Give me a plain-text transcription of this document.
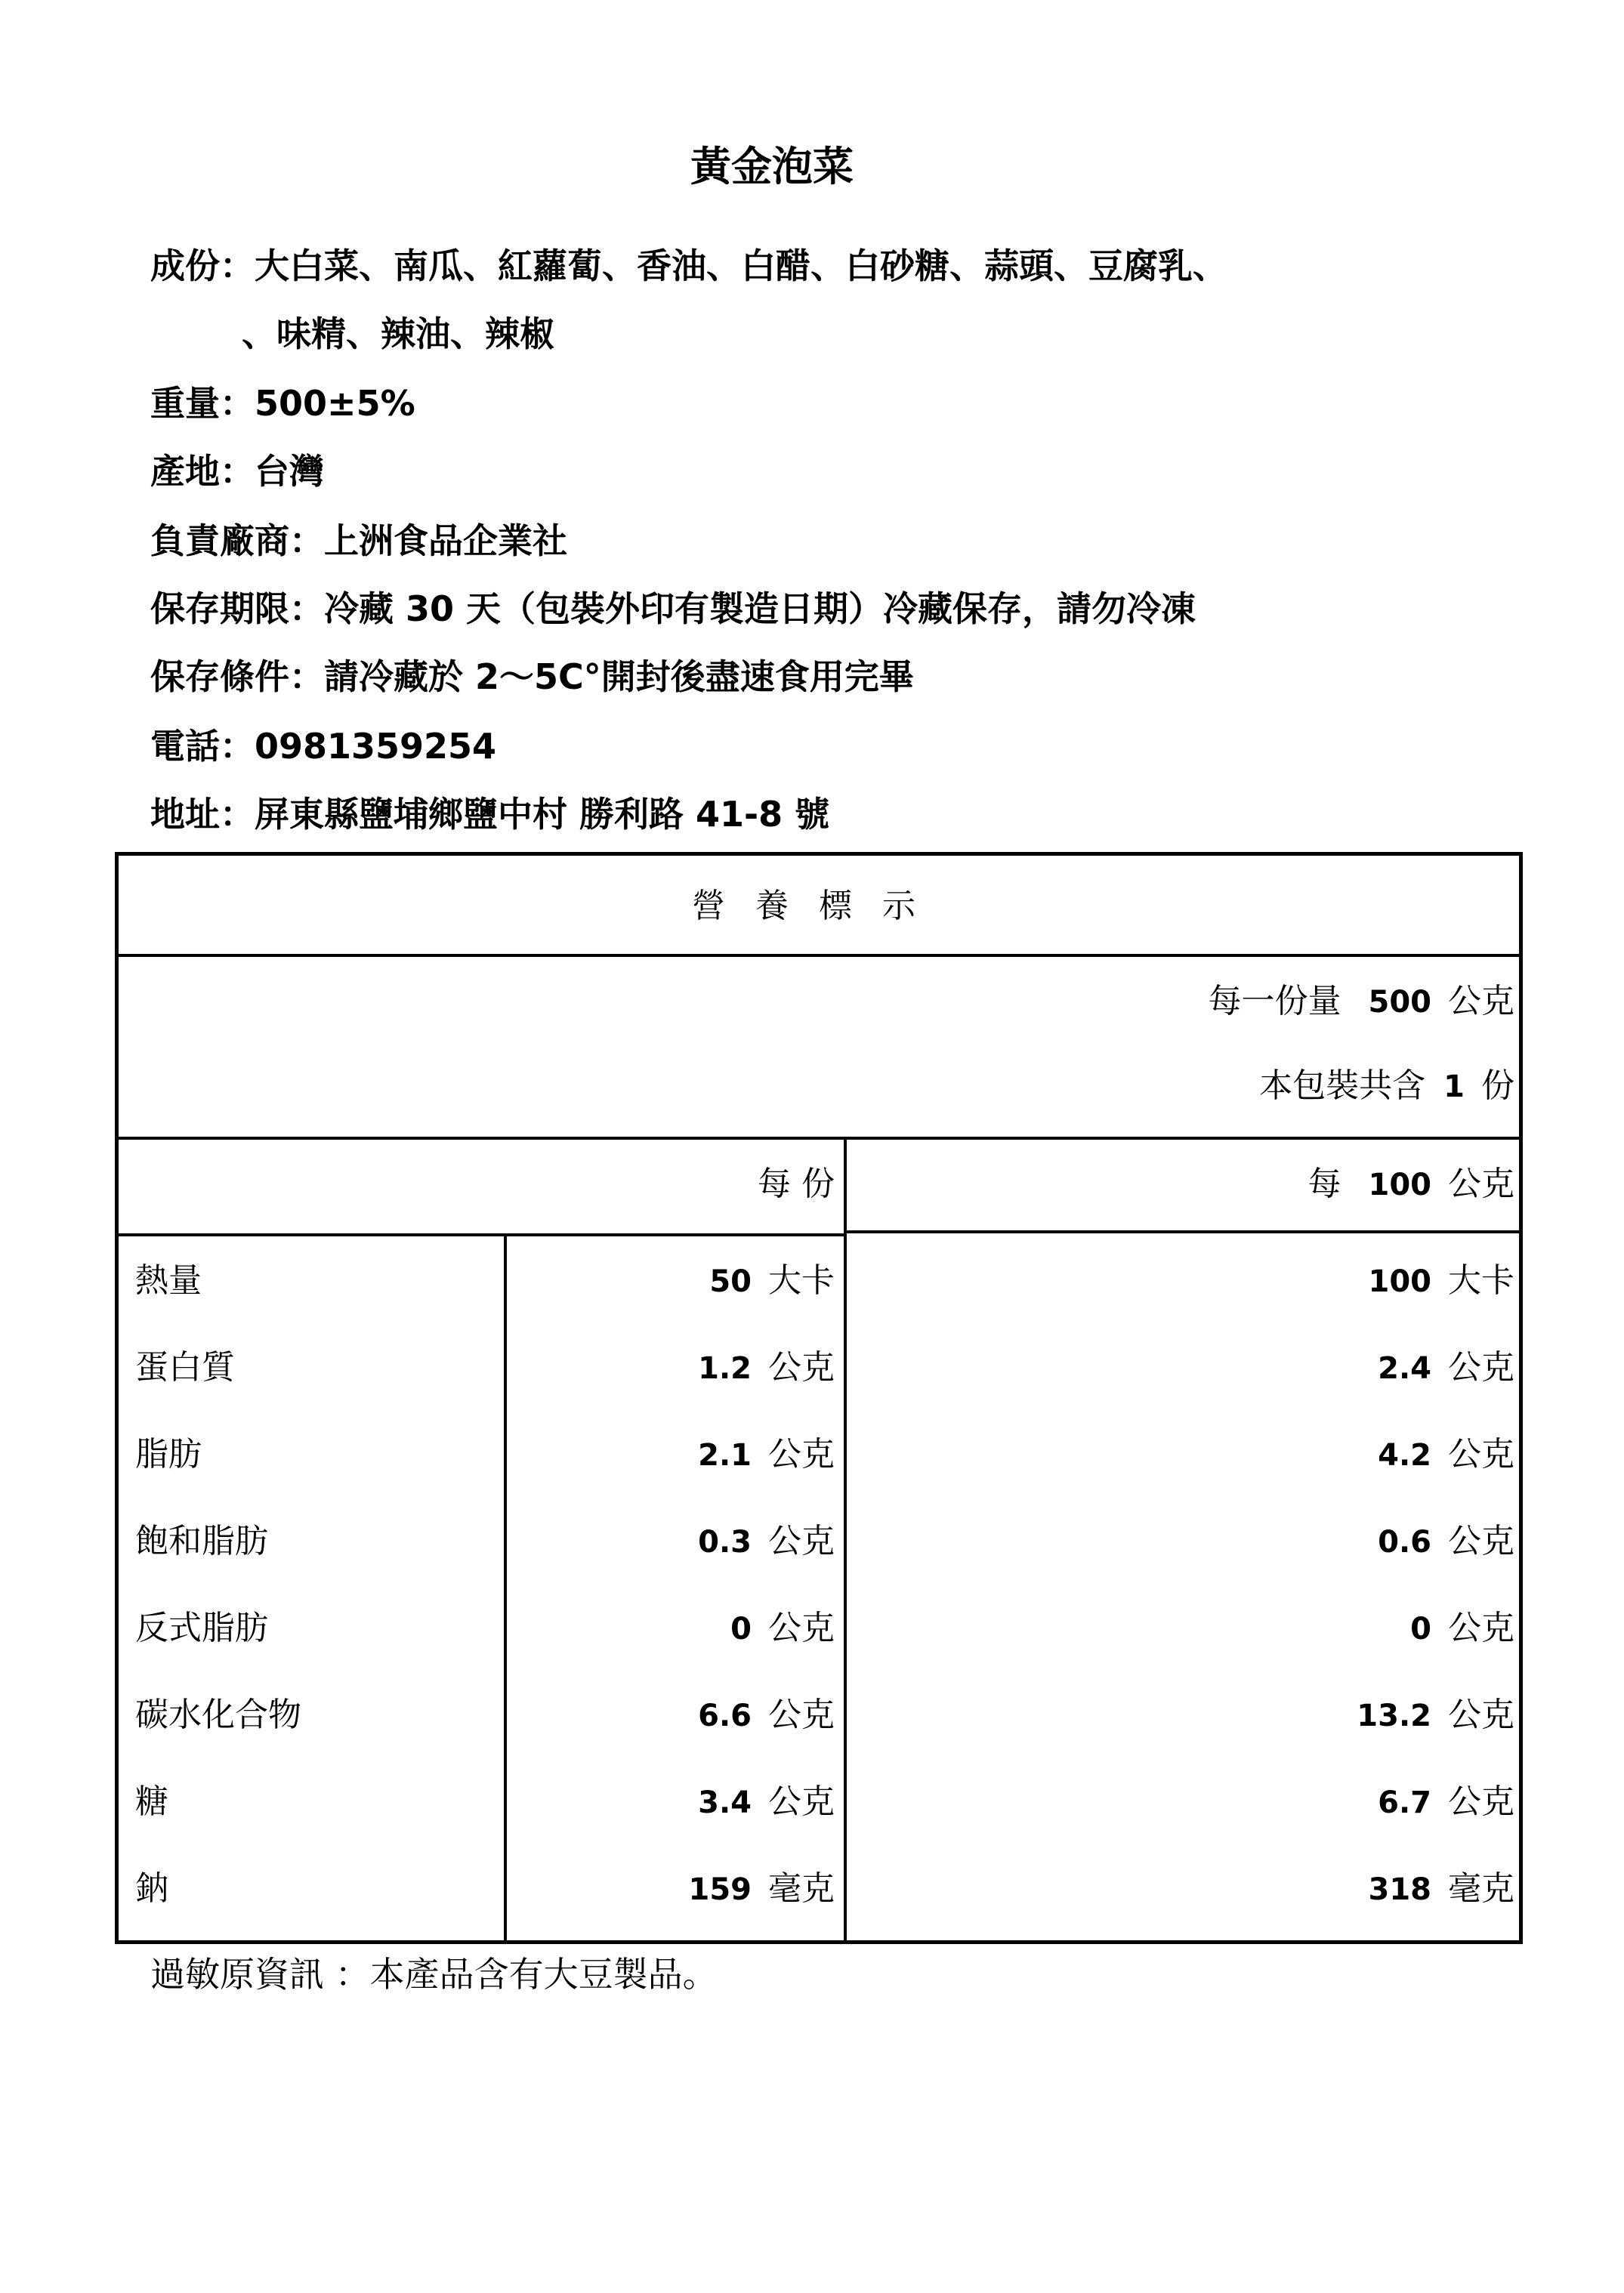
黃金泡菜
成份：大白菜、南瓜、紅蘿蔔、香油、白醋、白砂糖、蒜頭、豆腐乳、
、味精、辣油、辣椒
重量：500±5%
產地：台灣
負責廠商：上洲食品企業社
保存期限：冷藏 30 天（包裝外印有製造日期）冷藏保存，請勿冷凍
保存條件：請冷藏於 2～5C°開封後盡速食用完畢
電話：0981359254
地址：屏東縣鹽埔鄉鹽中村 勝利路 41-8 號
營養標示
每一份量 500 公克
本包裝共含 1 份
每 份	每 100 公克
熱量	50 大卡	100 大卡
蛋白質	1.2 公克	2.4 公克
脂肪	2.1 公克	4.2 公克
飽和脂肪	0.3 公克	0.6 公克
反式脂肪	0 公克	0 公克
碳水化合物	6.6 公克	13.2 公克
糖	3.4 公克	6.7 公克
鈉	159 毫克	318 毫克
過敏原資訊 ：本產品含有大豆製品。
